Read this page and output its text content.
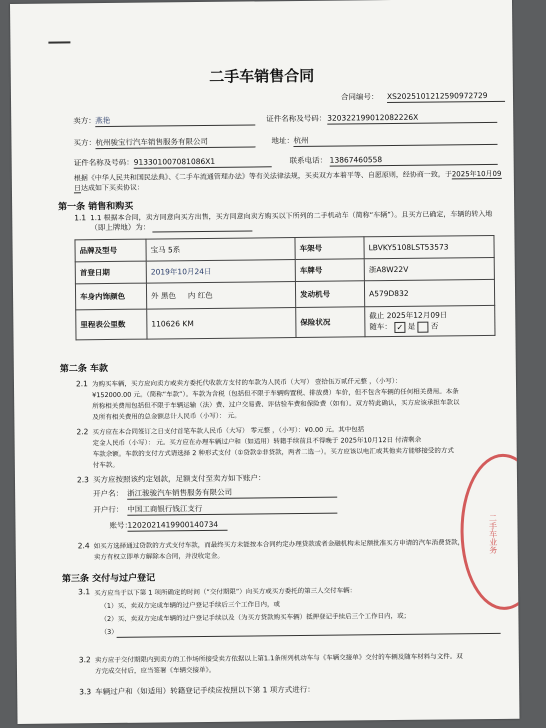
二手车销售合同
合同编号： XS2025101212590972729
卖方： 燕艳	证件名称及号码： 320322199012082226X
买方： 杭州骏宝行汽车销售服务有限公司	地址： 杭州
证件名称及号码： 913301007081086X1	联系电话： 13867460558
根据《中华人民共和国民法典》、《二手车流通管理办法》等有关法律法规，买卖双方本着平等、自愿原则，经协商一致，于2025年10月09日达成如下买卖协议：
第一条 销售和购买
1.1 1.1 根据本合同，卖方同意向买方出售，买方同意向卖方购买以下所列的二手机动车（简称“车辆”）。且买方已确定，车辆的转入地
（即上牌地）为：
品牌及型号	宝马 5系	车架号	LBVKY5108LST53573
首登日期	2019年10月24日	车牌号	浙A8W22V
车身内饰颜色	外 黑色 内 红色	发动机号	A579D832
里程表公里数	110626 KM	保险状况	截止 2025年12月09日
随车： ✓ 是 否
第二条 车款
2.1 为购买车辆，买方应向卖方或卖方委托代收款方支付的车款为人民币（大写） 壹拾伍万贰仟元整 ，（小写）：
¥152000.00 元。（简称“车款”）。车款为含税（包括但不限于车辆购置税、排放费）车价，但不包含车辆的任何相关费用。本条
所称相关费用包括但不限于车辆运输（法）费、过户交易费、评估验车费和保险费（如有）。双方特此确认，买方应该承担车款以
及所有相关费用的总金额总计人民币（小写）： 元。
2.2 买方应在本合同签订之日支付首笔车款人民币（大写） 零元整 ，（小写）：¥0.00 元。其中包括
定金人民币（小写）： 元。买方应在办理车辆过户和（如适用）转籍手续前且不得晚于 2025年10月12日 付清剩余
车款余额。车款的支付方式请选择 2 种形式支付（①贷款②非贷款，两者二选一）。买方应该以电汇或其他卖方能够接受的方式
付车款。
2.3 买方应按照该约定划款，足额支付至卖方如下账户：
开户名： 浙江骏骏汽车销售服务有限公司
开户行： 中国工商银行钱江支行
账号：
1202021419900140734
2.4 如买方选择通过贷款的方式支付车款，而最终买方未能按本合同约定办理贷款或者金融机构未足额批准买方申请的汽车消费贷款，
卖方有权立即单方解除本合同，并没收定金。
第三条 交付与过户登记
3.1 买方应当于以下第 1 项所确定的时间（“交付期限”）向买方或买方委托的第三人交付车辆：
（1）买、卖双方完成车辆的过户登记手续后三个工作日内，或
（2）买、卖双方完成车辆的过户登记手续以及（为买方贷款购买车辆）抵押登记手续后三个工作日内，或；
（3）
3.2 卖方应于交付期限内到卖方的工作场所接受卖方依据以上第1.1条所列机动车与《车辆交接单》交付的车辆及随车材料与文件。双
方完成交付后，应当签署《车辆交接单》。
3.3 车辆过户和（如适用）转籍登记手续应按照以下第 1 项方式进行：
二手车业务
